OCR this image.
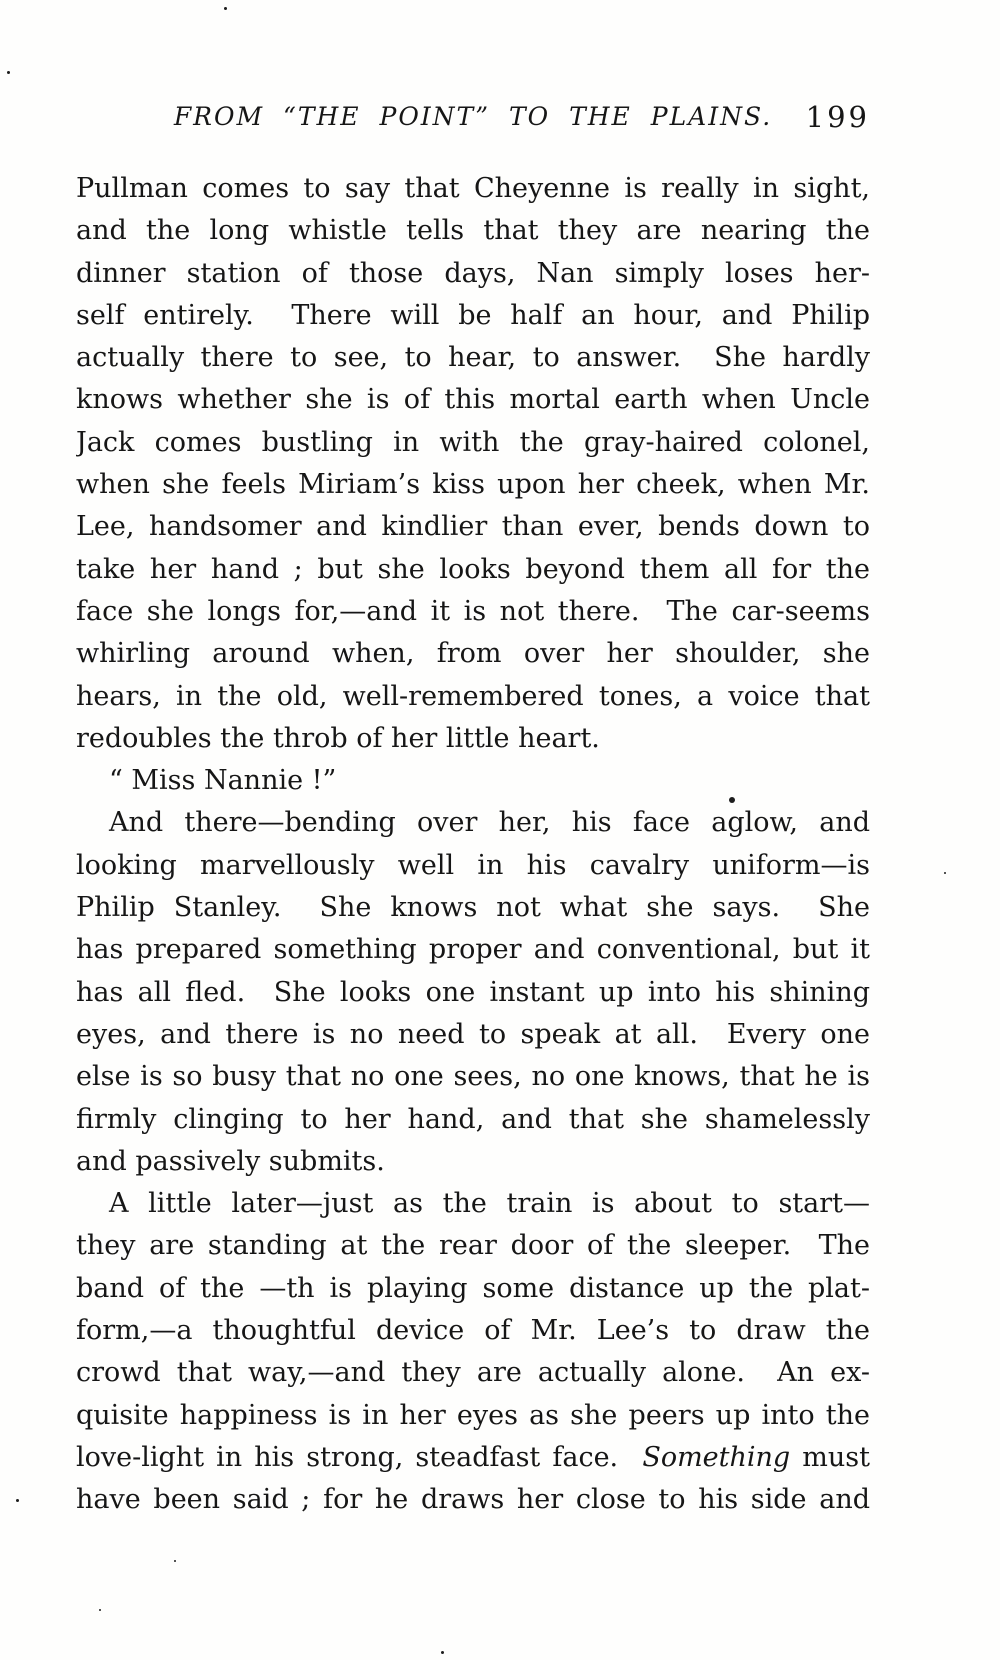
FROM “THE POINT” TO THE PLAINS.	199
Pullman comes to say that Cheyenne is really in sight,
and the long whistle tells that they are nearing the
dinner station of those days, Nan simply loses her-
self entirely.  There will be half an hour, and Philip
actually there to see, to hear, to answer.  She hardly
knows whether she is of this mortal earth when Uncle
Jack comes bustling in with the gray-haired colonel,
when she feels Miriam’s kiss upon her cheek, when Mr.
Lee, handsomer and kindlier than ever, bends down to
take her hand ; but she looks beyond them all for the
face she longs for,—and it is not there.  The car-seems
whirling around when, from over her shoulder, she
hears, in the old, well-remembered tones, a voice that
redoubles the throb of her little heart.
“ Miss Nannie !”
And there—bending over her, his face aglow, and
looking marvellously well in his cavalry uniform—is
Philip Stanley.  She knows not what she says.  She
has prepared something proper and conventional, but it
has all fled.  She looks one instant up into his shining
eyes, and there is no need to speak at all.  Every one
else is so busy that no one sees, no one knows, that he is
firmly clinging to her hand, and that she shamelessly
and passively submits.
A little later—just as the train is about to start—
they are standing at the rear door of the sleeper.  The
band of the —th is playing some distance up the plat-
form,—a thoughtful device of Mr. Lee’s to draw the
crowd that way,—and they are actually alone.  An ex-
quisite happiness is in her eyes as she peers up into the
love-light in his strong, steadfast face.  Something must
have been said ; for he draws her close to his side and
